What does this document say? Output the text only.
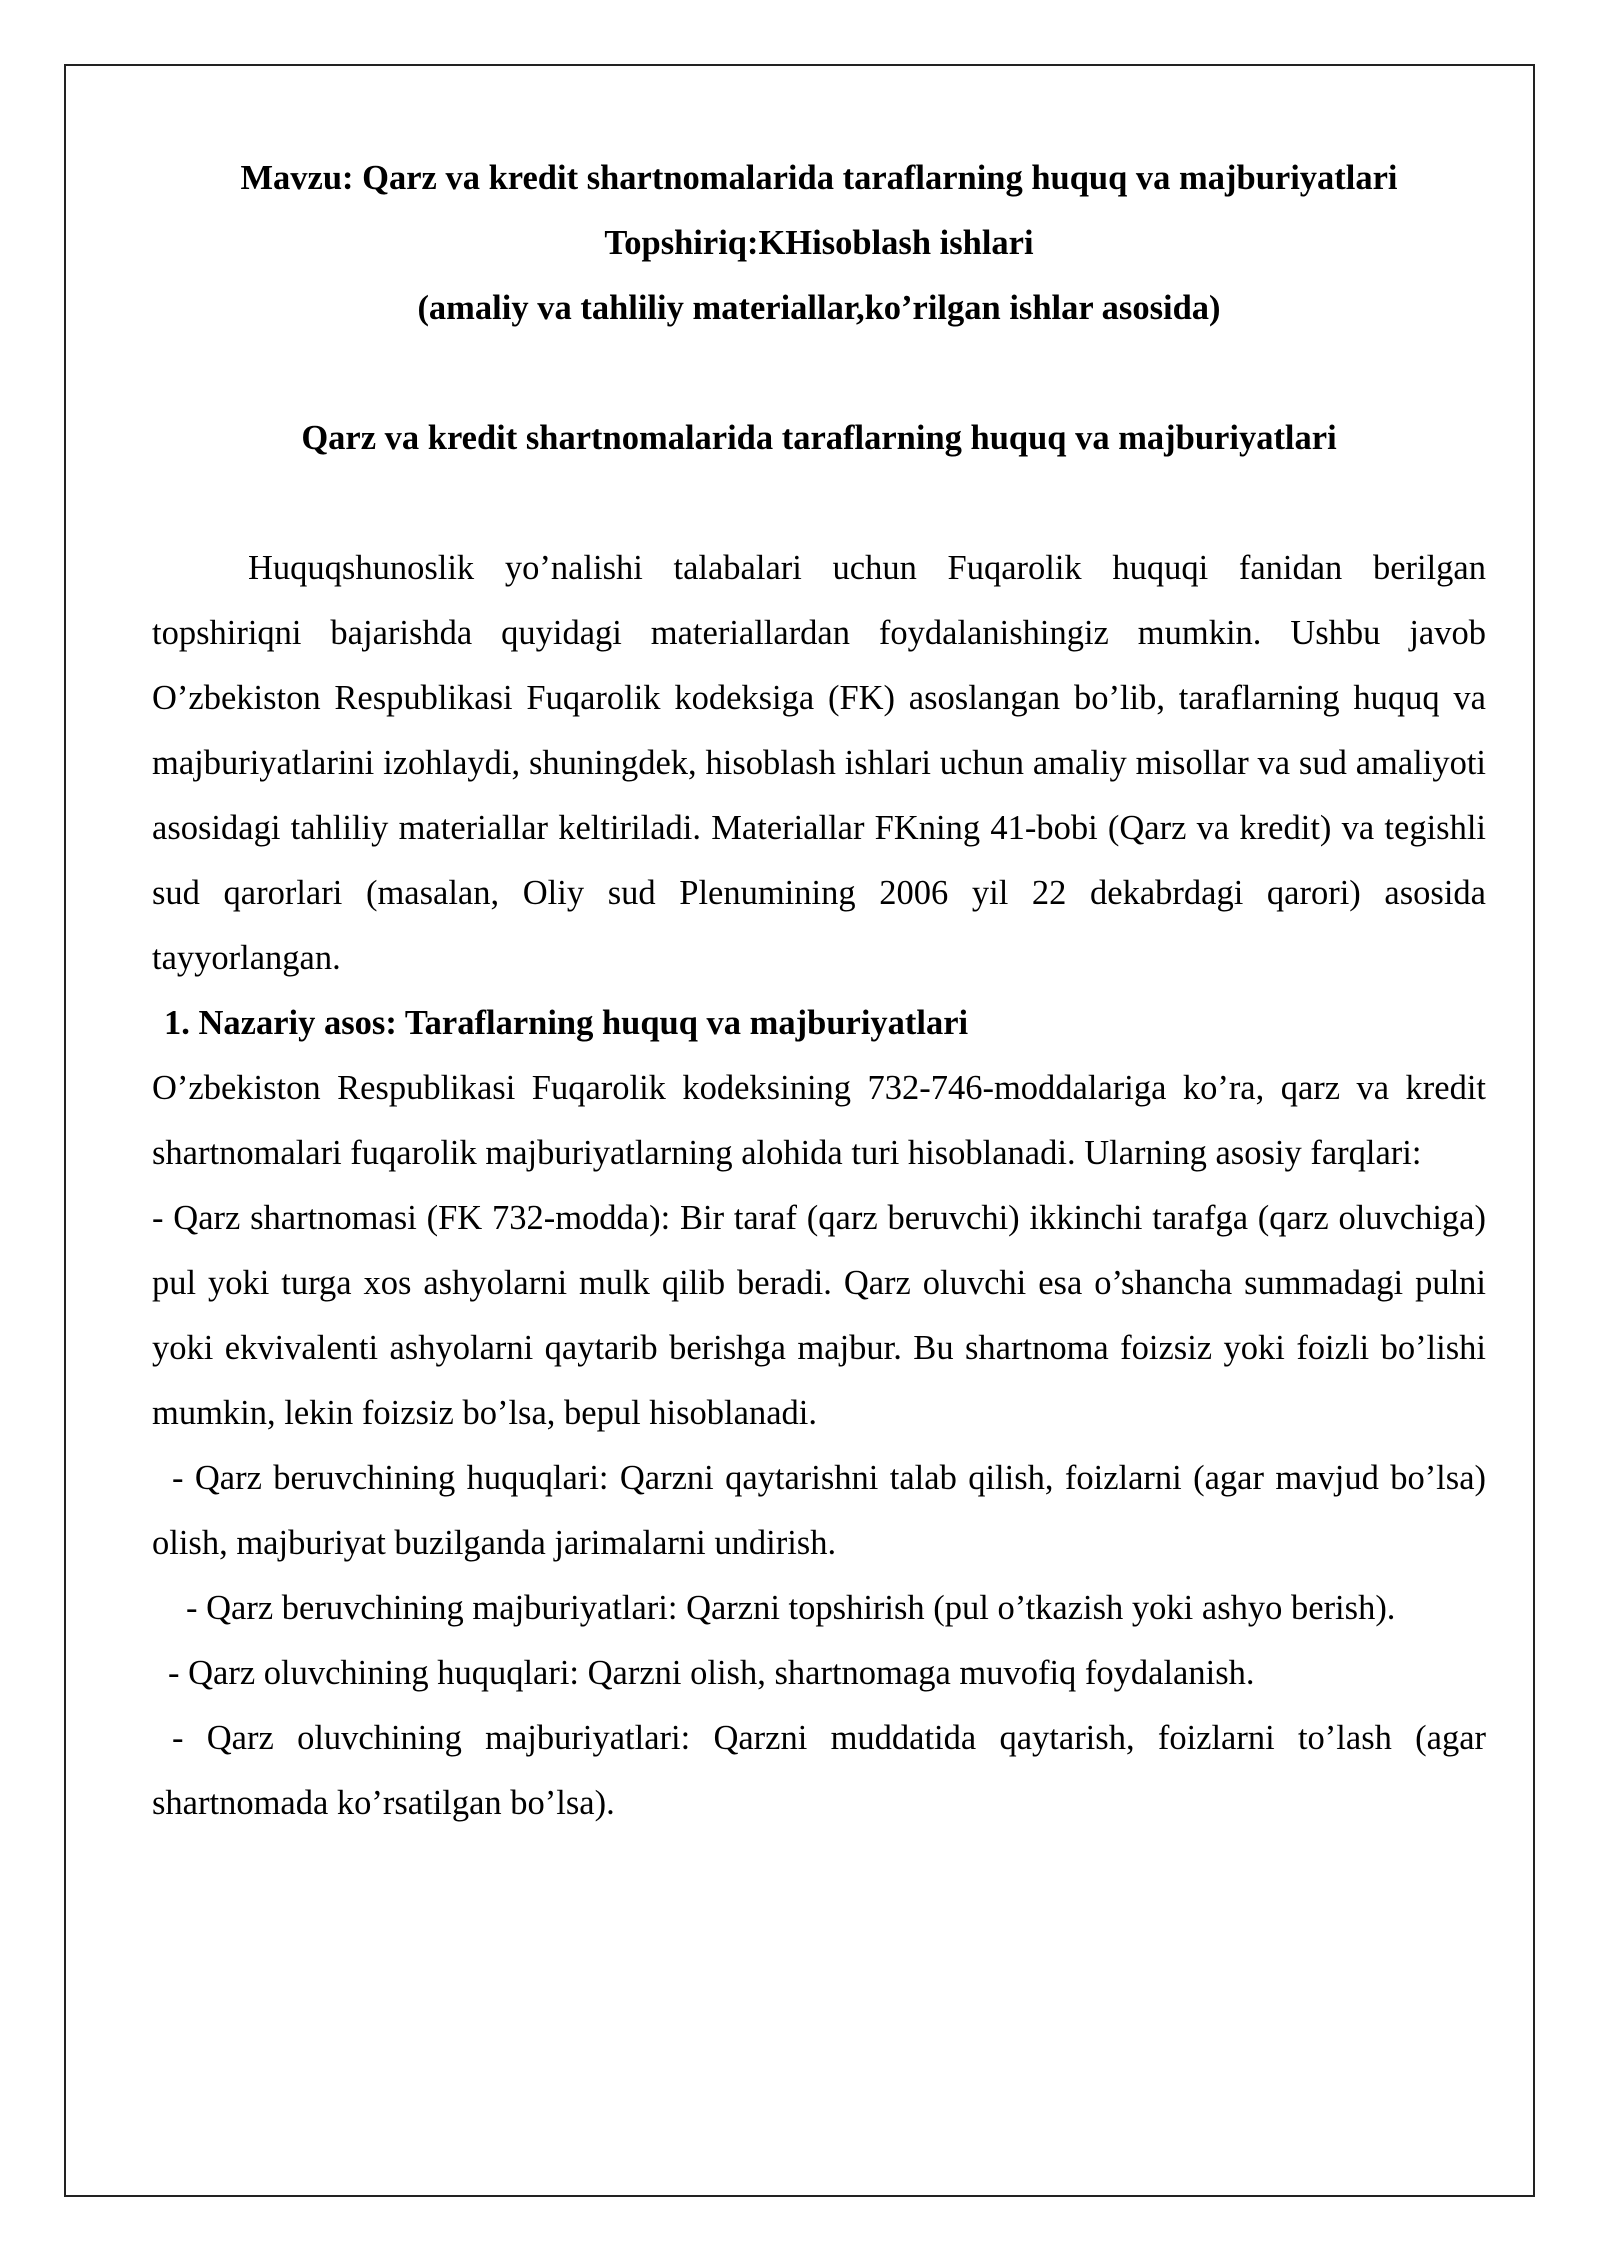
Mavzu: Qarz va kredit shartnomalarida taraflarning huquq va majburiyatlari

Topshiriq:KHisoblash ishlari

(amaliy va tahliliy materiallar,ko’rilgan ishlar asosida)

Qarz va kredit shartnomalarida taraflarning huquq va majburiyatlari

Huquqshunoslik yo’nalishi talabalari uchun Fuqarolik huquqi fanidan berilgan topshiriqni bajarishda quyidagi materiallardan foydalanishingiz mumkin. Ushbu javob O’zbekiston Respublikasi Fuqarolik kodeksiga (FK) asoslangan bo’lib, taraflarning huquq va majburiyatlarini izohlaydi, shuningdek, hisoblash ishlari uchun amaliy misollar va sud amaliyoti asosidagi tahliliy materiallar keltiriladi. Materiallar FKning 41-bobi (Qarz va kredit) va tegishli sud qarorlari (masalan, Oliy sud Plenumining 2006 yil 22 dekabrdagi qarori) asosida tayyorlangan.

1. Nazariy asos: Taraflarning huquq va majburiyatlari

O’zbekiston Respublikasi Fuqarolik kodeksining 732-746-moddalariga ko’ra, qarz va kredit shartnomalari fuqarolik majburiyatlarning alohida turi hisoblanadi. Ularning asosiy farqlari:

- Qarz shartnomasi (FK 732-modda): Bir taraf (qarz beruvchi) ikkinchi tarafga (qarz oluvchiga) pul yoki turga xos ashyolarni mulk qilib beradi. Qarz oluvchi esa o’shancha summadagi pulni yoki ekvivalenti ashyolarni qaytarib berishga majbur. Bu shartnoma foizsiz yoki foizli bo’lishi mumkin, lekin foizsiz bo’lsa, bepul hisoblanadi.

- Qarz beruvchining huquqlari: Qarzni qaytarishni talab qilish, foizlarni (agar mavjud bo’lsa) olish, majburiyat buzilganda jarimalarni undirish.

- Qarz beruvchining majburiyatlari: Qarzni topshirish (pul o’tkazish yoki ashyo berish).

- Qarz oluvchining huquqlari: Qarzni olish, shartnomaga muvofiq foydalanish.

- Qarz oluvchining majburiyatlari: Qarzni muddatida qaytarish, foizlarni to’lash (agar shartnomada ko’rsatilgan bo’lsa).
